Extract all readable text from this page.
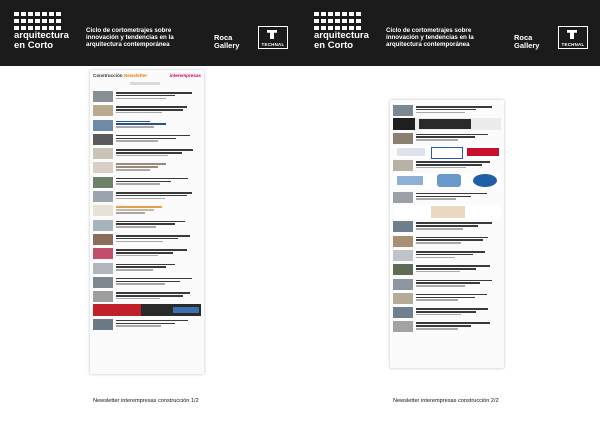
arquitectura
en Corto
Ciclo de cortometrajes sobre innovación y tendencias en la arquitectura contemporánea
Roca
Gallery	TECHNAL
arquitectura
en Corto
Ciclo de cortometrajes sobre innovación y tendencias en la arquitectura contemporánea
Roca
Gallery	TECHNAL
Construcción Newsletter	interempresas
Newsletter interempresas construcción 1/2	Newsletter interempresas construcción 2/2
